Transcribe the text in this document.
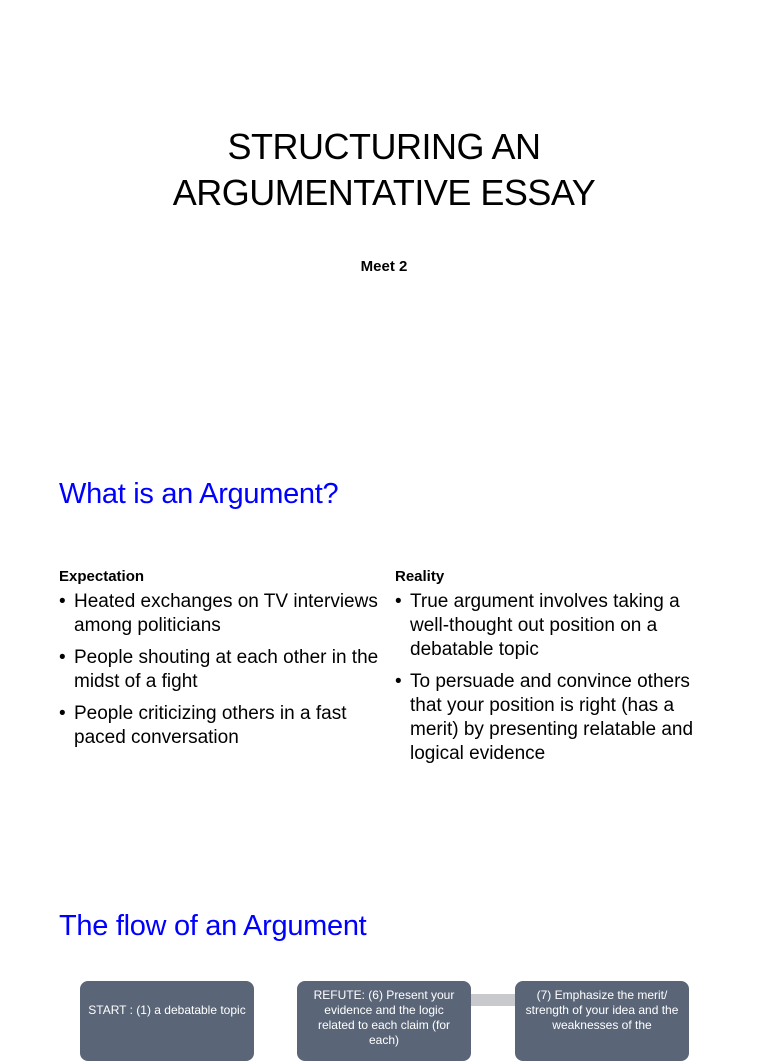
STRUCTURING AN
ARGUMENTATIVE ESSAY
Meet 2
What is an Argument?
Expectation
• Heated exchanges on TV interviews among politicians
• People shouting at each other in the midst of a fight
• People criticizing others in a fast paced conversation
Reality
• True argument involves taking a well-thought out position on a debatable topic
• To persuade and convince others that your position is right (has a merit) by presenting relatable and logical evidence
The flow of an Argument
START : (1) a debatable topic
REFUTE: (6) Present your evidence and the logic related to each claim (for each)
(7) Emphasize the merit/ strength of your idea and the weaknesses of the
